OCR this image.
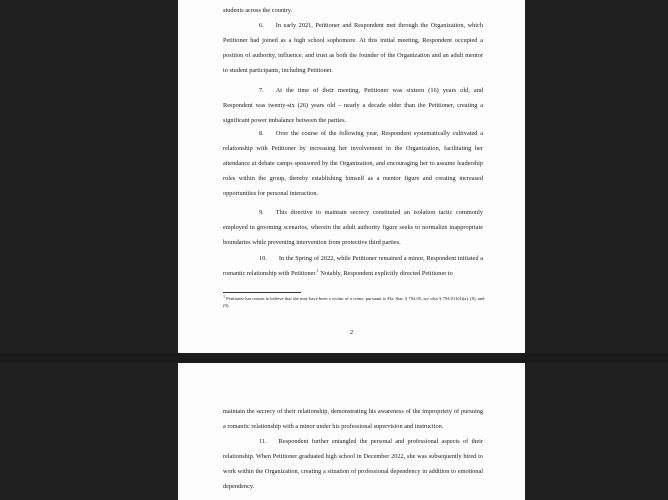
students across the country.

6. In early 2021, Petitioner and Respondent met through the Organization, which Petitioner had joined as a high school sophomore. At this initial meeting, Respondent occupied a position of authority, influence, and trust as both the founder of the Organization and an adult mentor to student participants, including Petitioner.

7. At the time of their meeting, Petitioner was sixteen (16) years old, and Respondent was twenty-six (26) years old – nearly a decade older than the Petitioner, creating a significant power imbalance between the parties.

8. Over the course of the following year, Respondent systematically cultivated a relationship with Petitioner by increasing her involvement in the Organization, facilitating her attendance at debate camps sponsored by the Organization, and encouraging her to assume leadership roles within the group, thereby establishing himself as a mentor figure and creating increased opportunities for personal interaction.

9. This directive to maintain secrecy constituted an isolation tactic commonly employed in grooming scenarios, wherein the adult authority figure seeks to normalize inappropriate boundaries while preventing intervention from protective third parties.

10. In the Spring of 2022, while Petitioner remained a minor, Respondent initiated a romantic relationship with Petitioner.$^1$ Notably, Respondent explicitly directed Petitioner to

$^1$ Petitioner has reason to believe that she may have been a victim of a crime, pursuant to Fla. Stat. § 794.05, see also § 794.011(4)(a), (8), and (9).

2

maintain the secrecy of their relationship, demonstrating his awareness of the impropriety of pursuing a romantic relationship with a minor under his professional supervision and instruction.

11. Respondent further entangled the personal and professional aspects of their relationship. When Petitioner graduated high school in December 2022, she was subsequently hired to work within the Organization, creating a situation of professional dependency in addition to emotional dependency.
